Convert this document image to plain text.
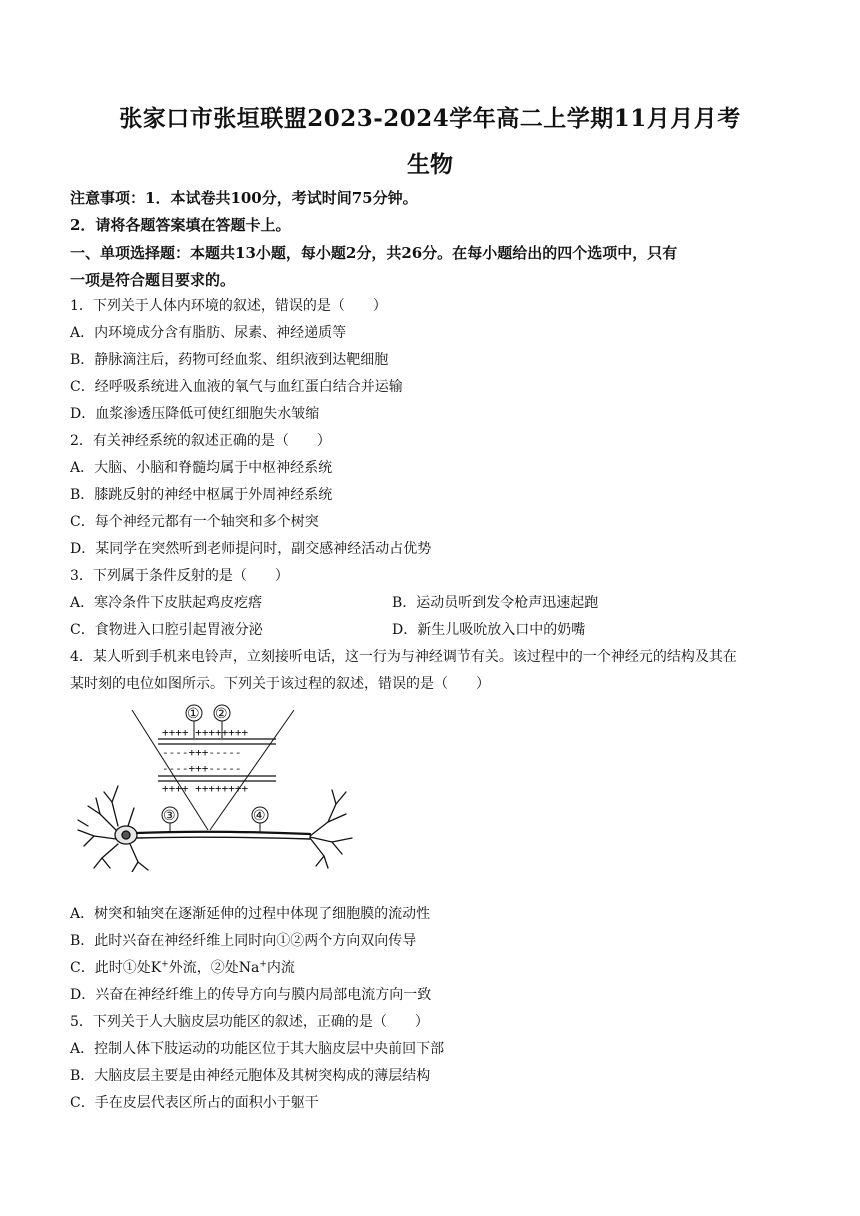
张家口市张垣联盟2023-2024学年高二上学期11月月月考
生物
注意事项：1．本试卷共100分，考试时间75分钟。
2．请将各题答案填在答题卡上。
一、单项选择题：本题共13小题，每小题2分，共26分。在每小题给出的四个选项中，只有
一项是符合题目要求的。
1．下列关于人体内环境的叙述，错误的是（　　）
A．内环境成分含有脂肪、尿素、神经递质等
B．静脉滴注后，药物可经血浆、组织液到达靶细胞
C．经呼吸系统进入血液的氧气与血红蛋白结合并运输
D．血浆渗透压降低可使红细胞失水皱缩
2．有关神经系统的叙述正确的是（　　）
A．大脑、小脑和脊髓均属于中枢神经系统
B．膝跳反射的神经中枢属于外周神经系统
C．每个神经元都有一个轴突和多个树突
D．某同学在突然听到老师提问时，副交感神经活动占优势
3．下列属于条件反射的是（　　）
A．寒冷条件下皮肤起鸡皮疙瘩	B．运动员听到发令枪声迅速起跑
C．食物进入口腔引起胃液分泌	D．新生儿吸吮放入口中的奶嘴
4．某人听到手机来电铃声，立刻接听电话，这一行为与神经调节有关。该过程中的一个神经元的结构及其在
某时刻的电位如图所示。下列关于该过程的叙述，错误的是（　　）
++++ ++++++++
----+++-----
----+++-----
++++ ++++++++
① ②
③	④
A．树突和轴突在逐渐延伸的过程中体现了细胞膜的流动性
B．此时兴奋在神经纤维上同时向①②两个方向双向传导
C．此时①处K+外流，②处Na+内流
D．兴奋在神经纤维上的传导方向与膜内局部电流方向一致
5．下列关于人大脑皮层功能区的叙述，正确的是（　　）
A．控制人体下肢运动的功能区位于其大脑皮层中央前回下部
B．大脑皮层主要是由神经元胞体及其树突构成的薄层结构
C．手在皮层代表区所占的面积小于躯干
